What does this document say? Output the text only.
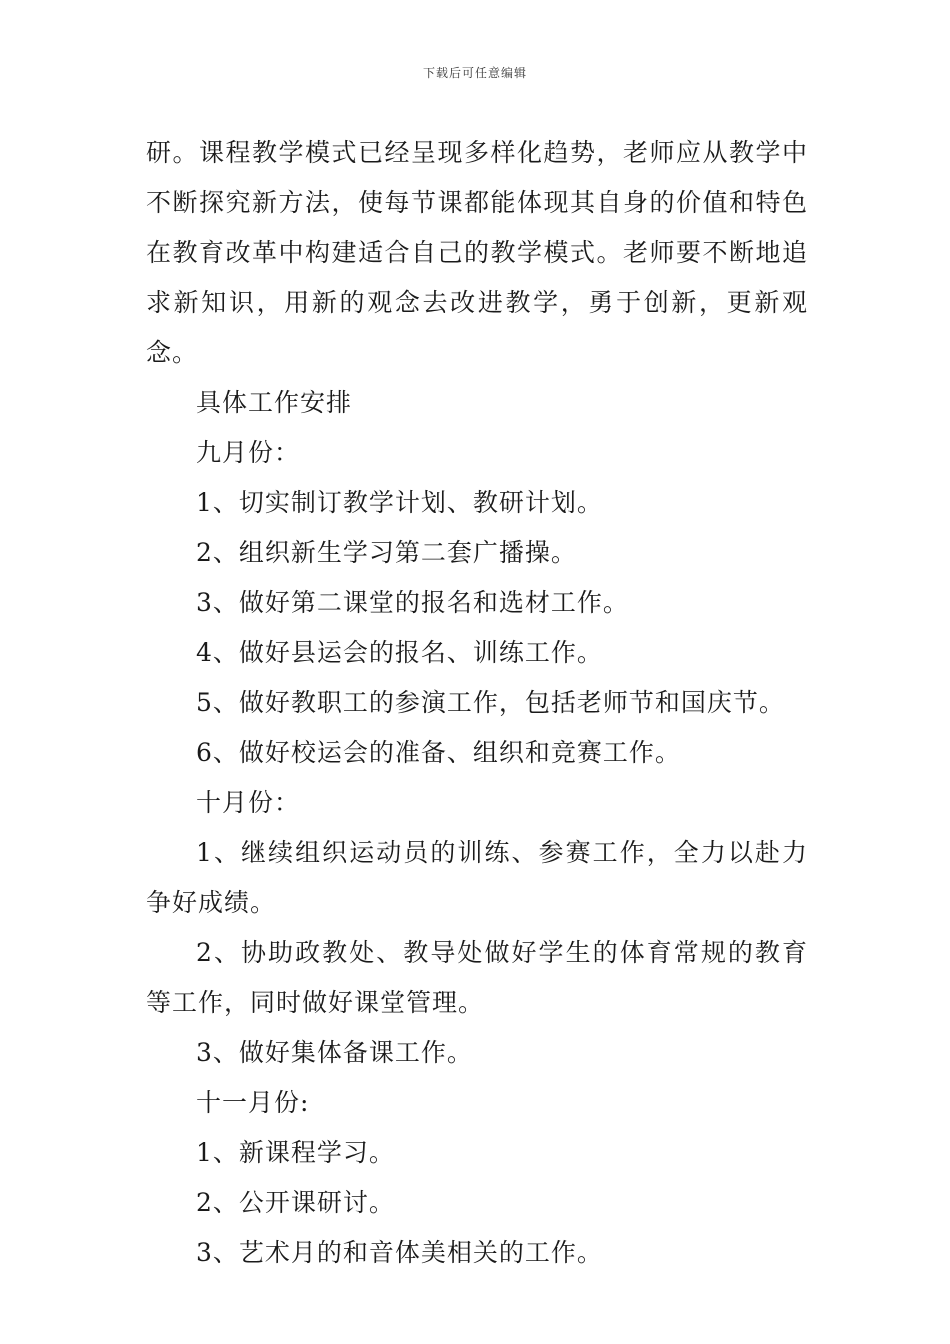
下载后可任意编辑

研。课程教学模式已经呈现多样化趋势，老师应从教学中不断探究新方法，使每节课都能体现其自身的价值和特色在教育改革中构建适合自己的教学模式。老师要不断地追求新知识，用新的观念去改进教学，勇于创新，更新观念。

具体工作安排

九月份：

1、切实制订教学计划、教研计划。

2、组织新生学习第二套广播操。

3、做好第二课堂的报名和选材工作。

4、做好县运会的报名、训练工作。

5、做好教职工的参演工作，包括老师节和国庆节。

6、做好校运会的准备、组织和竞赛工作。

十月份：

1、继续组织运动员的训练、参赛工作，全力以赴力争好成绩。

2、协助政教处、教导处做好学生的体育常规的教育等工作，同时做好课堂管理。

3、做好集体备课工作。

十一月份:

1、新课程学习。

2、公开课研讨。

3、艺术月的和音体美相关的工作。
